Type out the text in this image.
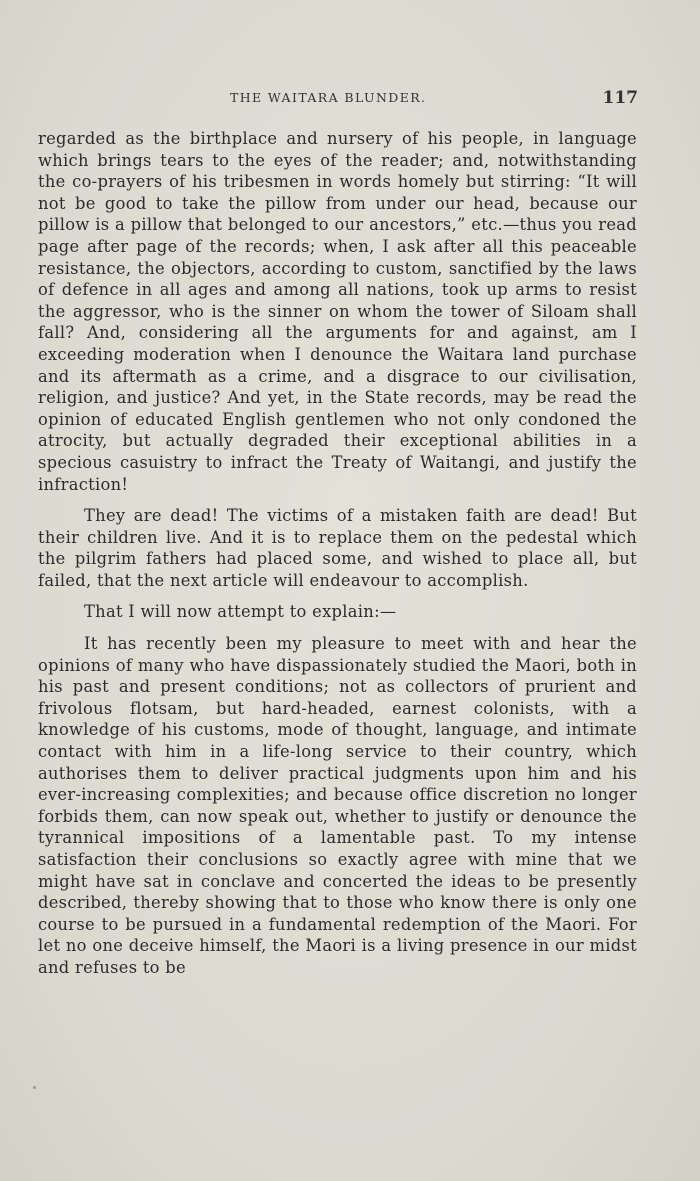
THE WAITARA BLUNDER.	117

regarded as the birthplace and nursery of his people, in language which brings tears to the eyes of the reader; and, notwithstanding the co-prayers of his tribesmen in words homely but stirring: “It will not be good to take the pillow from under our head, because our pillow is a pillow that belonged to our ancestors,” etc.—thus you read page after page of the records; when, I ask after all this peaceable resistance, the objectors, according to custom, sanctified by the laws of defence in all ages and among all nations, took up arms to resist the aggressor, who is the sinner on whom the tower of Siloam shall fall? And, considering all the arguments for and against, am I exceeding moderation when I denounce the Waitara land purchase and its aftermath as a crime, and a disgrace to our civilisation, religion, and justice? And yet, in the State records, may be read the opinion of educated English gentlemen who not only condoned the atrocity, but actually degraded their exceptional abilities in a specious casuistry to infract the Treaty of Waitangi, and justify the infraction!

They are dead! The victims of a mistaken faith are dead! But their children live. And it is to replace them on the pedestal which the pilgrim fathers had placed some, and wished to place all, but failed, that the next article will endeavour to accomplish.

That I will now attempt to explain:—

It has recently been my pleasure to meet with and hear the opinions of many who have dispassionately studied the Maori, both in his past and present conditions; not as collectors of prurient and frivolous flotsam, but hard-headed, earnest colonists, with a knowledge of his customs, mode of thought, language, and intimate contact with him in a life-long service to their country, which authorises them to deliver practical judgments upon him and his ever-increasing complexities; and because office discretion no longer forbids them, can now speak out, whether to justify or denounce the tyrannical impositions of a lamentable past. To my intense satisfaction their conclusions so exactly agree with mine that we might have sat in conclave and concerted the ideas to be presently described, thereby showing that to those who know there is only one course to be pursued in a fundamental redemption of the Maori. For let no one deceive himself, the Maori is a living presence in our midst and refuses to be
